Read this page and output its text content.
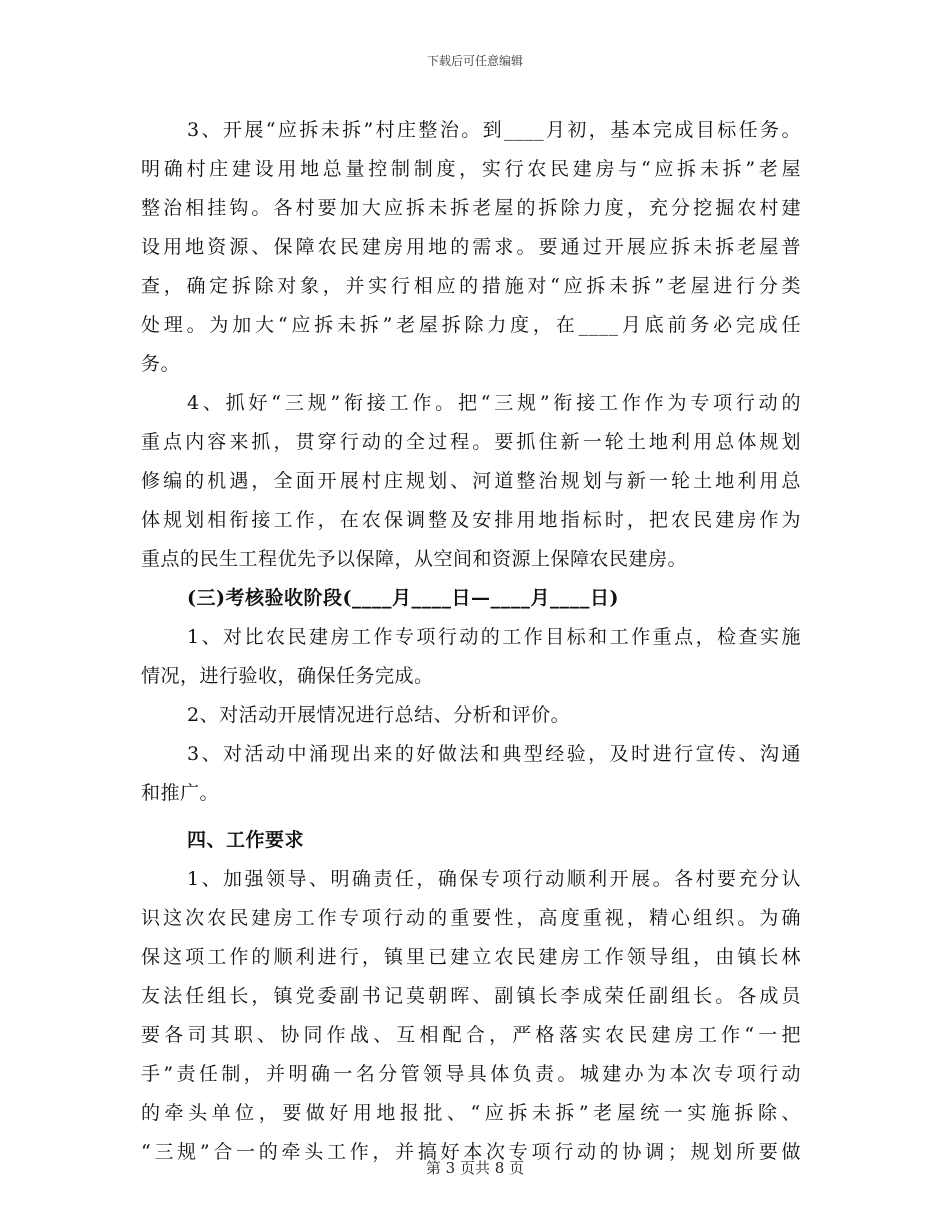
下载后可任意编辑
3、开展“应拆未拆”村庄整治。到____月初，基本完成目标任务。
明确村庄建设用地总量控制制度，实行农民建房与“应拆未拆”老屋
整治相挂钩。各村要加大应拆未拆老屋的拆除力度，充分挖掘农村建
设用地资源、保障农民建房用地的需求。要通过开展应拆未拆老屋普
查，确定拆除对象，并实行相应的措施对“应拆未拆”老屋进行分类
处理。为加大“应拆未拆”老屋拆除力度，在____月底前务必完成任
务。
4、抓好“三规”衔接工作。把“三规”衔接工作作为专项行动的
重点内容来抓，贯穿行动的全过程。要抓住新一轮土地利用总体规划
修编的机遇，全面开展村庄规划、河道整治规划与新一轮土地利用总
体规划相衔接工作，在农保调整及安排用地指标时，把农民建房作为
重点的民生工程优先予以保障，从空间和资源上保障农民建房。
(三)考核验收阶段(____月____日—____月____日)
1、对比农民建房工作专项行动的工作目标和工作重点，检查实施
情况，进行验收，确保任务完成。
2、对活动开展情况进行总结、分析和评价。
3、对活动中涌现出来的好做法和典型经验，及时进行宣传、沟通
和推广。
四、工作要求
1、加强领导、明确责任，确保专项行动顺利开展。各村要充分认
识这次农民建房工作专项行动的重要性，高度重视，精心组织。为确
保这项工作的顺利进行，镇里已建立农民建房工作领导组，由镇长林
友法任组长，镇党委副书记莫朝晖、副镇长李成荣任副组长。各成员
要各司其职、协同作战、互相配合，严格落实农民建房工作“一把
手”责任制，并明确一名分管领导具体负责。城建办为本次专项行动
的牵头单位，要做好用地报批、“应拆未拆”老屋统一实施拆除、
“三规”合一的牵头工作，并搞好本次专项行动的协调；规划所要做
第 3 页共 8 页
